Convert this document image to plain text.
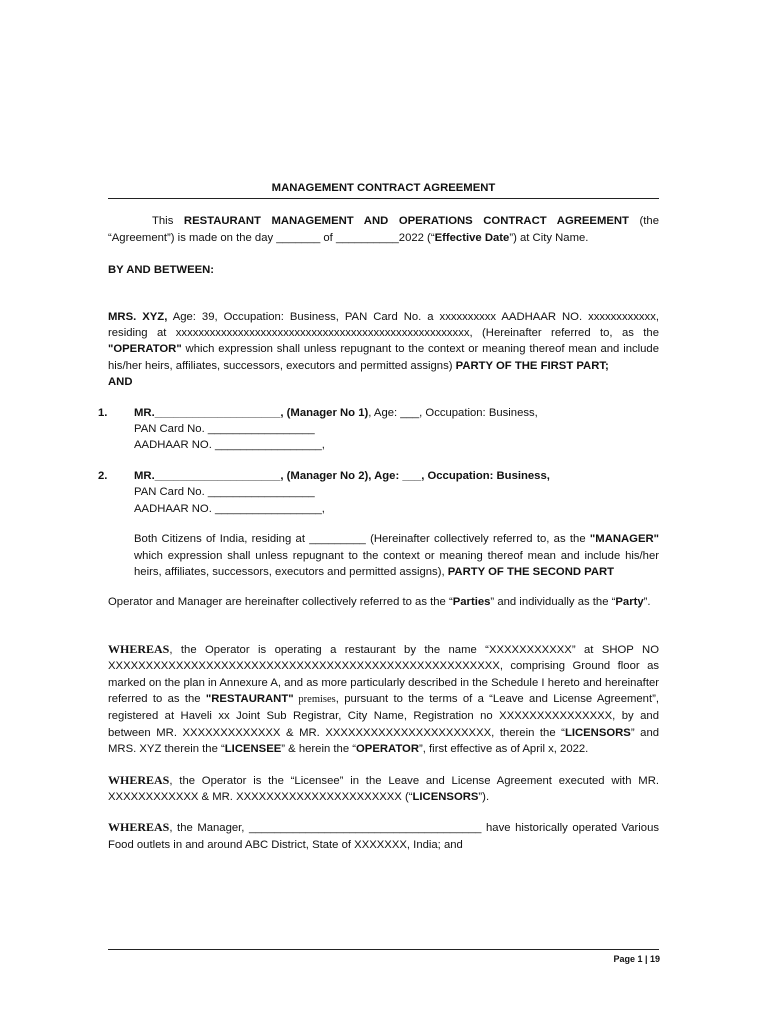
MANAGEMENT CONTRACT AGREEMENT

This RESTAURANT MANAGEMENT AND OPERATIONS CONTRACT AGREEMENT (the “Agreement”) is made on the day _______ of __________2022 (“Effective Date”) at City Name.

BY AND BETWEEN:

MRS. XYZ, Age: 39, Occupation: Business, PAN Card No. a xxxxxxxxxx AADHAAR NO. xxxxxxxxxxxx, residing at xxxxxxxxxxxxxxxxxxxxxxxxxxxxxxxxxxxxxxxxxxxxxxxxxxxx, (Hereinafter referred to, as the "OPERATOR" which expression shall unless repugnant to the context or meaning thereof mean and include his/her heirs, affiliates, successors, executors and permitted assigns) PARTY OF THE FIRST PART;

AND

1. MR.____________________, (Manager No 1), Age: ___, Occupation: Business,
PAN Card No. _________________
AADHAAR NO. _________________,
2. MR.____________________, (Manager No 2), Age: ___, Occupation: Business,
PAN Card No. _________________
AADHAAR NO. _________________,

Both Citizens of India, residing at _________ (Hereinafter collectively referred to, as the "MANAGER" which expression shall unless repugnant to the context or meaning thereof mean and include his/her heirs, affiliates, successors, executors and permitted assigns), PARTY OF THE SECOND PART

Operator and Manager are hereinafter collectively referred to as the “Parties” and individually as the “Party”.

WHEREAS, the Operator is operating a restaurant by the name “XXXXXXXXXXX” at SHOP NO XXXXXXXXXXXXXXXXXXXXXXXXXXXXXXXXXXXXXXXXXXXXXXXXXXXX, comprising Ground floor as marked on the plan in Annexure A, and as more particularly described in the Schedule I hereto and hereinafter referred to as the "RESTAURANT" premises, pursuant to the terms of a “Leave and License Agreement”, registered at Haveli xx Joint Sub Registrar, City Name, Registration no XXXXXXXXXXXXXXX, by and between MR. XXXXXXXXXXXXX & MR. XXXXXXXXXXXXXXXXXXXXXX, therein the “LICENSORS” and MRS. XYZ therein the “LICENSEE” & herein the “OPERATOR”, first effective as of April x, 2022.

WHEREAS, the Operator is the “Licensee” in the Leave and License Agreement executed with MR. XXXXXXXXXXXX & MR. XXXXXXXXXXXXXXXXXXXXXX (“LICENSORS”).

WHEREAS, the Manager, _____________________________________ have historically operated Various Food outlets in and around ABC District, State of XXXXXXX, India; and

Page 1 | 19
